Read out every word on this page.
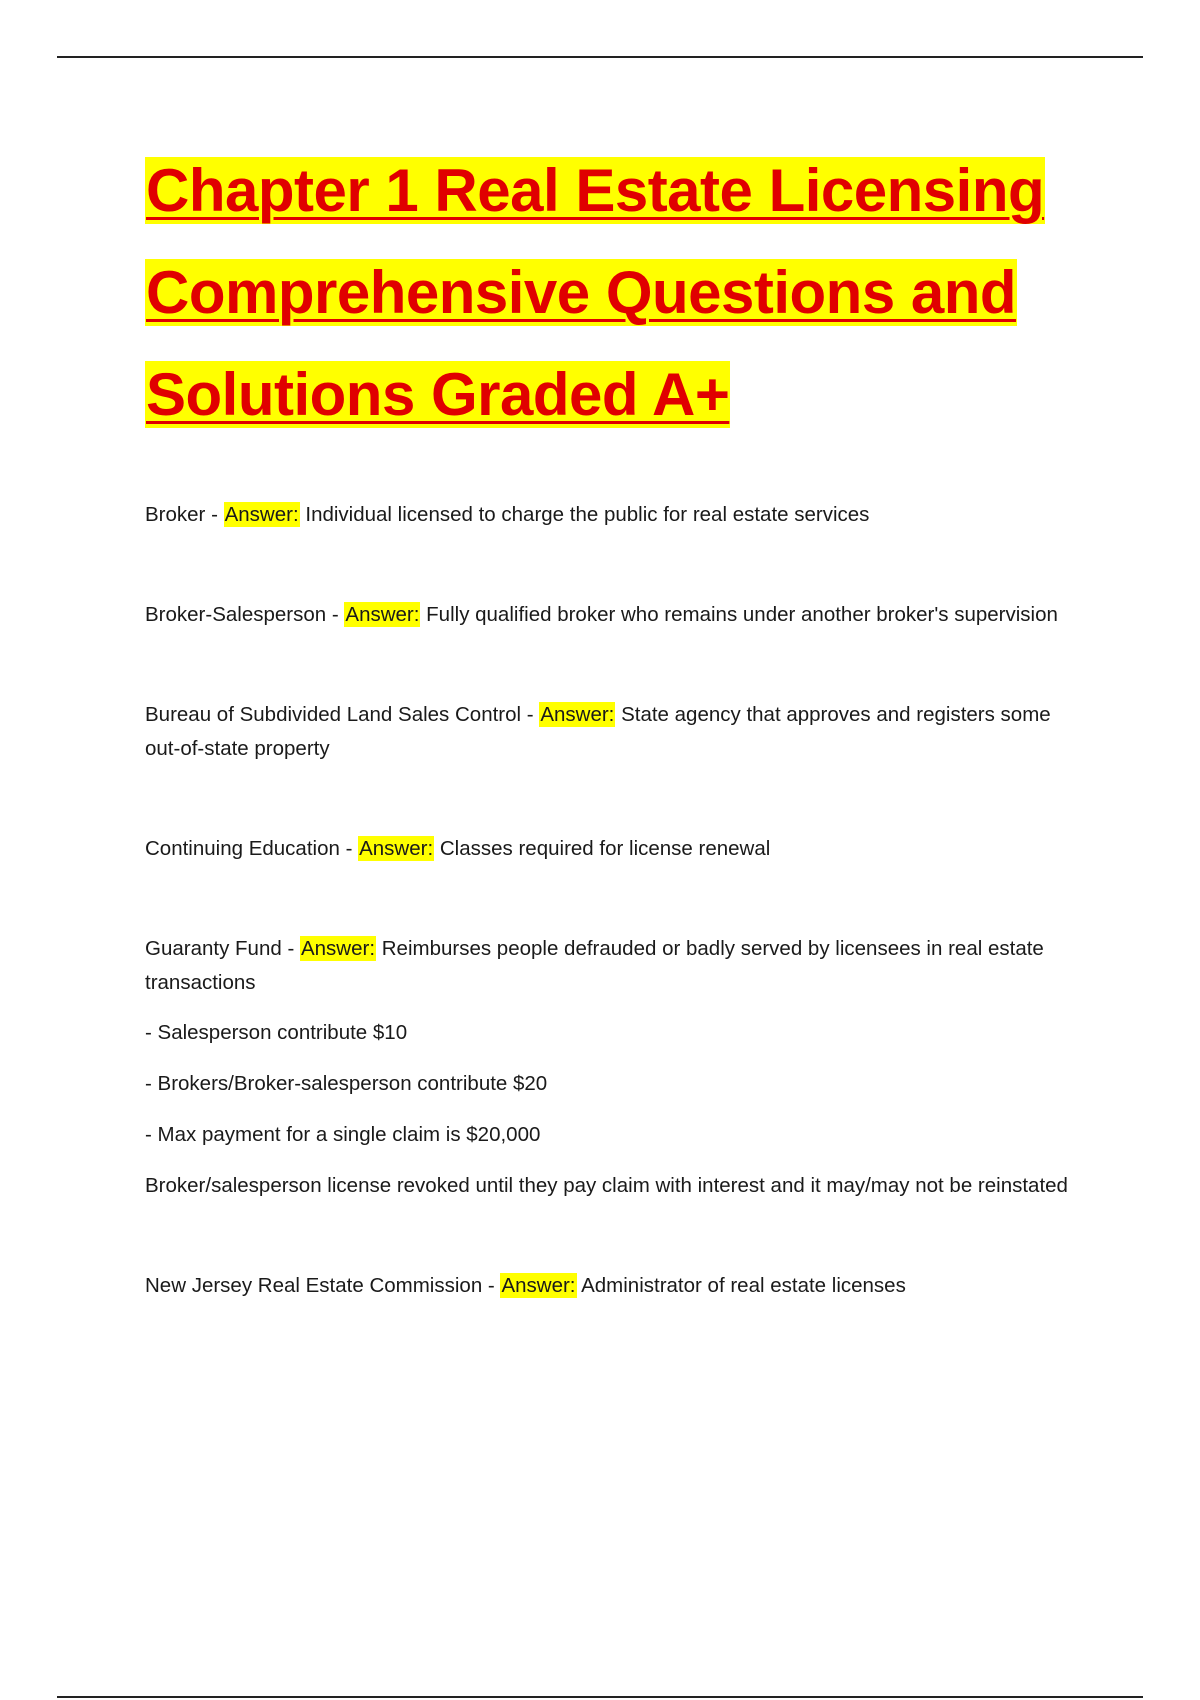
Chapter 1 Real Estate Licensing Comprehensive Questions and Solutions Graded A+

Broker - Answer: Individual licensed to charge the public for real estate services

Broker-Salesperson - Answer: Fully qualified broker who remains under another broker's supervision

Bureau of Subdivided Land Sales Control - Answer: State agency that approves and registers some out-of-state property

Continuing Education - Answer: Classes required for license renewal

Guaranty Fund - Answer: Reimburses people defrauded or badly served by licensees in real estate transactions

- Salesperson contribute $10

- Brokers/Broker-salesperson contribute $20

- Max payment for a single claim is $20,000

Broker/salesperson license revoked until they pay claim with interest and it may/may not be reinstated

New Jersey Real Estate Commission - Answer: Administrator of real estate licenses
